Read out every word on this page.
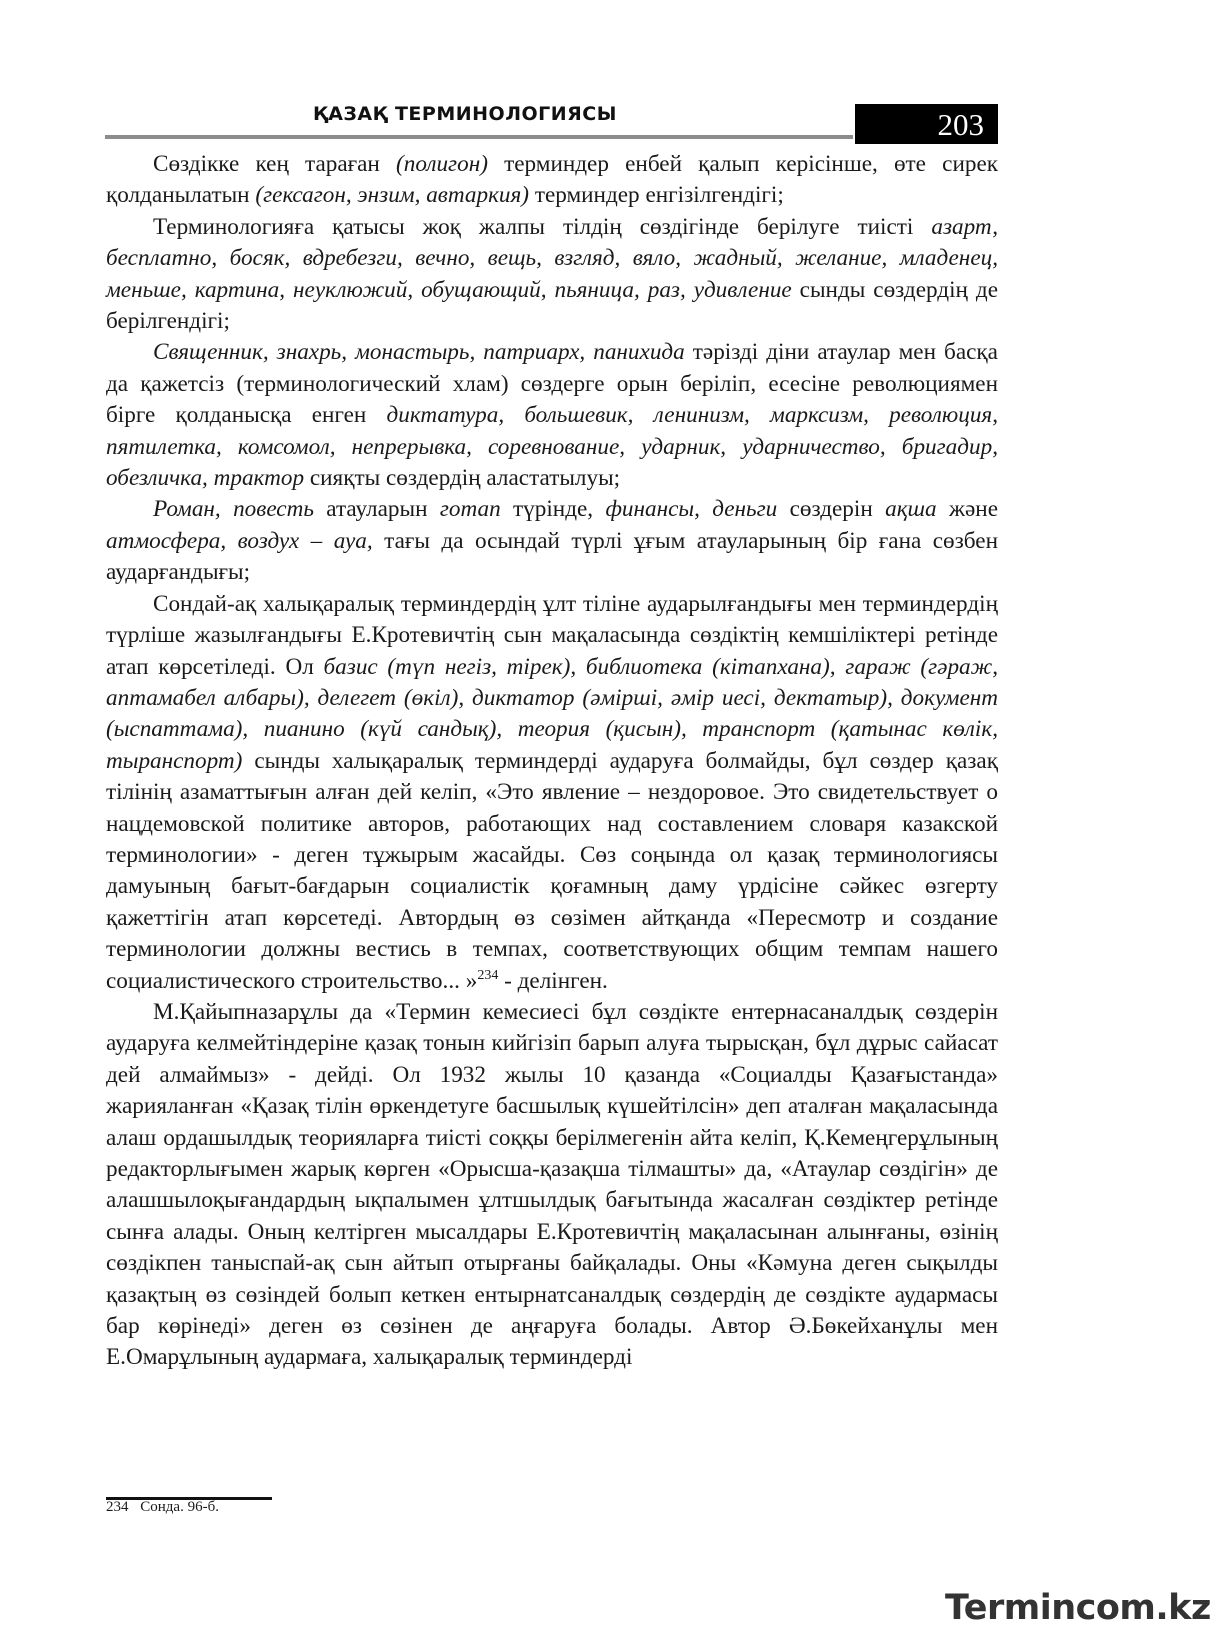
ҚАЗАҚ ТЕРМИНОЛОГИЯСЫ	203

Сөздікке кең тараған (полигон) терминдер енбей қалып керісінше, өте сирек қолданылатын (гексагон, энзим, автаркия) терминдер енгізілгендігі;

Терминологияға қатысы жоқ жалпы тілдің сөздігінде берілуге тиісті азарт, бесплатно, босяк, вдребезги, вечно, вещь, взгляд, вяло, жадный, желание, младенец, меньше, картина, неуклюжий, обущающий, пьяница, раз, удивление сынды сөздердің де берілгендігі;

Священник, знахрь, монастырь, патриарх, панихида тәрізді діни атаулар мен басқа да қажетсіз (терминологический хлам) сөздерге орын беріліп, есесіне революциямен бірге қолданысқа енген диктатура, большевик, ленинизм, марксизм, революция, пятилетка, комсомол, непрерывка, соревнование, ударник, ударничество, бригадир, обезличка, трактор сияқты сөздердің аластатылуы;

Роман, повесть атауларын готап түрінде, финансы, деньги сөздерін ақша және атмосфера, воздух – ауа, тағы да осындай түрлі ұғым атауларының бір ғана сөзбен аударғандығы;

Сондай-ақ халықаралық терминдердің ұлт тіліне аударылғандығы мен терминдердің түрліше жазылғандығы Е.Кротевичтің сын мақаласында сөздіктің кемшіліктері ретінде атап көрсетіледі. Ол базис (түп негіз, тірек), библиотека (кітапхана), гараж (гәраж, аптамабел албары), делегет (өкіл), диктатор (әмірші, әмір иесі, дектатыр), документ (ыспаттама), пианино (күй сандық), теория (қисын), транспорт (қатынас көлік, тыранспорт) сынды халықаралық терминдерді аударуға болмайды, бұл сөздер қазақ тілінің азаматтығын алған дей келіп, «Это явление – нездоровое. Это свидетельствует о нацдемовской политике авторов, работающих над составлением словаря казакской терминологии» - деген тұжырым жасайды. Сөз соңында ол қазақ терминологиясы дамуының бағыт-бағдарын социалистік қоғамның даму үрдісіне сәйкес өзгерту қажеттігін атап көрсетеді. Автордың өз сөзімен айтқанда «Пересмотр и создание терминологии должны вестись в темпах, соответствующих общим темпам нашего социалистического строительство... »$^{234}$ - делінген.

М.Қайыпназарұлы да «Термин кемесиесі бұл сөздікте ентернасаналдық сөздерін аударуға келмейтіндеріне қазақ тонын кийгізіп барып алуға тырысқан, бұл дұрыс сайасат дей алмаймыз» - дейді. Ол 1932 жылы 10 қазанда «Социалды Қазағыстанда» жарияланған «Қазақ тілін өркендетуге басшылық күшейтілсін» деп аталған мақаласында алаш ордашылдық теорияларға тиісті соққы берілмегенін айта келіп, Қ.Кемеңгерұлының редакторлығымен жарық көрген «Орысша-қазақша тілмашты» да, «Атаулар сөздігін» де алашшылоқығандардың ықпалымен ұлтшылдық бағытында жасалған сөздіктер ретінде сынға алады. Оның келтірген мысалдары Е.Кротевичтің мақаласынан алынғаны, өзінің сөздікпен таныспай-ақ сын айтып отырғаны байқалады. Оны «Кәмуна деген сықылды қазақтың өз сөзіндей болып кеткен ентырнатсаналдық сөздердің де сөздікте аудармасы бар көрінеді» деген өз сөзінен де аңғаруға болады. Автор Ә.Бөкейханұлы мен Е.Омарұлының аудармаға, халықаралық терминдерді

234 Сонда. 96-б.
Termincom.kz
